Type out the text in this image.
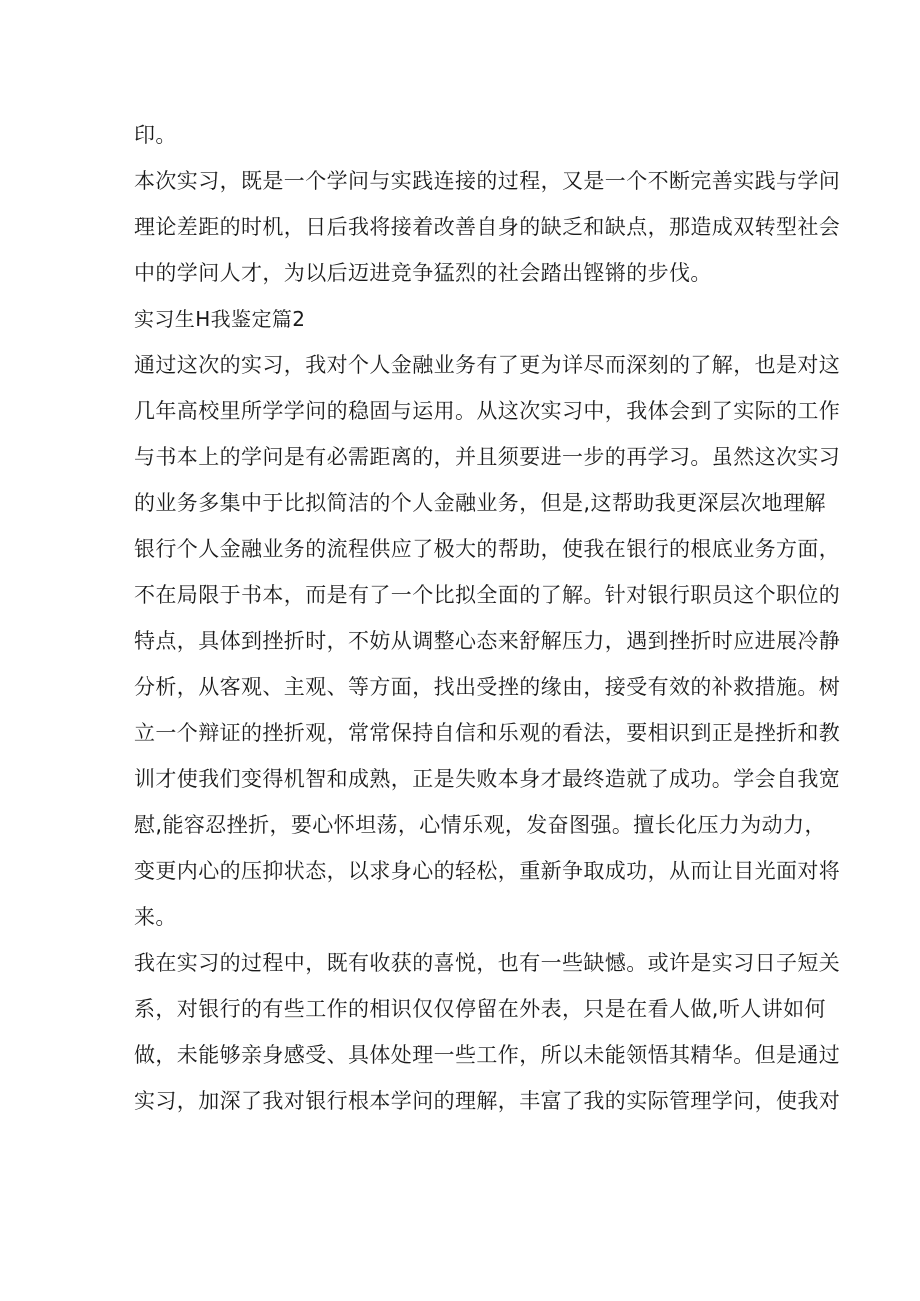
印。
本次实习，既是一个学问与实践连接的过程，又是一个不断完善实践与学问
理论差距的时机，日后我将接着改善自身的缺乏和缺点，那造成双转型社会
中的学问人才，为以后迈进竞争猛烈的社会踏出铿锵的步伐。
实习生H我鉴定篇2
通过这次的实习，我对个人金融业务有了更为详尽而深刻的了解，也是对这
几年高校里所学学问的稳固与运用。从这次实习中，我体会到了实际的工作
与书本上的学问是有必需距离的，并且须要进一步的再学习。虽然这次实习
的业务多集中于比拟简洁的个人金融业务，但是,这帮助我更深层次地理解
银行个人金融业务的流程供应了极大的帮助，使我在银行的根底业务方面，
不在局限于书本，而是有了一个比拟全面的了解。针对银行职员这个职位的
特点，具体到挫折时，不妨从调整心态来舒解压力，遇到挫折时应进展冷静
分析，从客观、主观、等方面，找出受挫的缘由，接受有效的补救措施。树
立一个辩证的挫折观，常常保持自信和乐观的看法，要相识到正是挫折和教
训才使我们变得机智和成熟，正是失败本身才最终造就了成功。学会自我宽
慰,能容忍挫折，要心怀坦荡，心情乐观，发奋图强。擅长化压力为动力，
变更内心的压抑状态，以求身心的轻松，重新争取成功，从而让目光面对将
来。
我在实习的过程中，既有收获的喜悦，也有一些缺憾。或许是实习日子短关
系，对银行的有些工作的相识仅仅停留在外表，只是在看人做,听人讲如何
做，未能够亲身感受、具体处理一些工作，所以未能领悟其精华。但是通过
实习，加深了我对银行根本学问的理解，丰富了我的实际管理学问，使我对
